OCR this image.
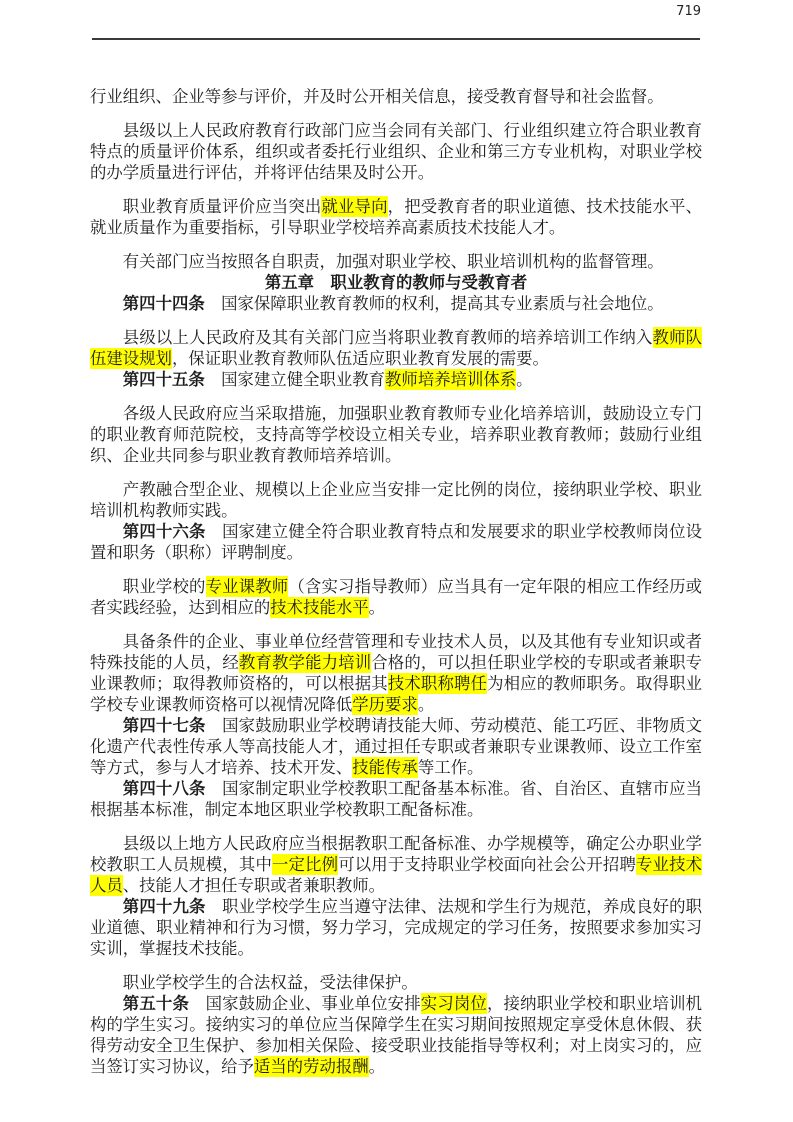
719

行业组织、企业等参与评价，并及时公开相关信息，接受教育督导和社会监督。

县级以上人民政府教育行政部门应当会同有关部门、行业组织建立符合职业教育特点的质量评价体系，组织或者委托行业组织、企业和第三方专业机构，对职业学校的办学质量进行评估，并将评估结果及时公开。

职业教育质量评价应当突出就业导向，把受教育者的职业道德、技术技能水平、就业质量作为重要指标，引导职业学校培养高素质技术技能人才。

有关部门应当按照各自职责，加强对职业学校、职业培训机构的监督管理。

第五章　职业教育的教师与受教育者

第四十四条　国家保障职业教育教师的权利，提高其专业素质与社会地位。

县级以上人民政府及其有关部门应当将职业教育教师的培养培训工作纳入教师队伍建设规划，保证职业教育教师队伍适应职业教育发展的需要。

第四十五条　国家建立健全职业教育教师培养培训体系。

各级人民政府应当采取措施，加强职业教育教师专业化培养培训，鼓励设立专门的职业教育师范院校，支持高等学校设立相关专业，培养职业教育教师；鼓励行业组织、企业共同参与职业教育教师培养培训。

产教融合型企业、规模以上企业应当安排一定比例的岗位，接纳职业学校、职业培训机构教师实践。

第四十六条　国家建立健全符合职业教育特点和发展要求的职业学校教师岗位设置和职务（职称）评聘制度。

职业学校的专业课教师（含实习指导教师）应当具有一定年限的相应工作经历或者实践经验，达到相应的技术技能水平。

具备条件的企业、事业单位经营管理和专业技术人员，以及其他有专业知识或者特殊技能的人员，经教育教学能力培训合格的，可以担任职业学校的专职或者兼职专业课教师；取得教师资格的，可以根据其技术职称聘任为相应的教师职务。取得职业学校专业课教师资格可以视情况降低学历要求。

第四十七条　国家鼓励职业学校聘请技能大师、劳动模范、能工巧匠、非物质文化遗产代表性传承人等高技能人才，通过担任专职或者兼职专业课教师、设立工作室等方式，参与人才培养、技术开发、技能传承等工作。

第四十八条　国家制定职业学校教职工配备基本标准。省、自治区、直辖市应当根据基本标准，制定本地区职业学校教职工配备标准。

县级以上地方人民政府应当根据教职工配备标准、办学规模等，确定公办职业学校教职工人员规模，其中一定比例可以用于支持职业学校面向社会公开招聘专业技术人员、技能人才担任专职或者兼职教师。

第四十九条　职业学校学生应当遵守法律、法规和学生行为规范，养成良好的职业道德、职业精神和行为习惯，努力学习，完成规定的学习任务，按照要求参加实习实训，掌握技术技能。

职业学校学生的合法权益，受法律保护。

第五十条　国家鼓励企业、事业单位安排实习岗位，接纳职业学校和职业培训机构的学生实习。接纳实习的单位应当保障学生在实习期间按照规定享受休息休假、获得劳动安全卫生保护、参加相关保险、接受职业技能指导等权利；对上岗实习的，应当签订实习协议，给予适当的劳动报酬。
